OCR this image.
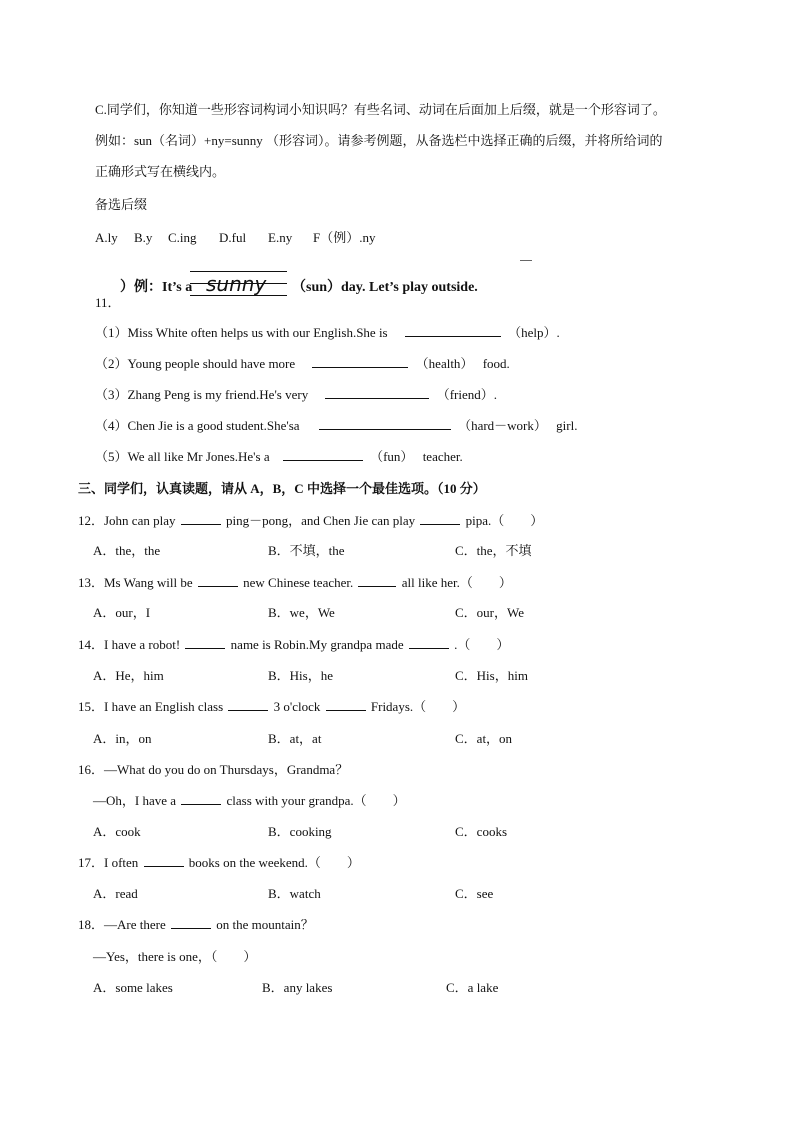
C.同学们，你知道一些形容词构词小知识吗？有些名词、动词在后面加上后缀，就是一个形容词了。
例如：sun（名词）+ny=sunny （形容词）。请参考例题，从备选栏中选择正确的后缀，并将所给词的
正确形式写在横线内。
备选后缀
A.ly B.y C.ing D.ful E.ny F（例）.ny
）例：It’s a sunny （sun）day. Let’s play outside.
11．
（1）Miss White often helps us with our English.She is	（help）.
（2）Young people should have more	（health） food.
（3）Zhang Peng is my friend.He's very	（friend）.
（4）Chen Jie is a good student.She'sa	（hard－work） girl.
（5）We all like Mr Jones.He's a	（fun） teacher.
三、同学们，认真读题，请从 A，B，C 中选择一个最佳选项。（10 分）
12．John can play	ping－pong，and Chen Jie can play	pipa.（　　）
A．the，the	B．不填，the	C．the，不填
13．Ms Wang will be	new Chinese teacher.	all like her.（　　）
A．our，I	B．we，We	C．our，We
14．I have a robot!	name is Robin.My grandpa made	.（　　）
A．He，him	B．His，he	C．His，him
15．I have an English class	3 o'clock	Fridays.（　　）
A．in，on	B．at，at	C．at，on
16．—What do you do on Thursdays，Grandma？
—Oh，I have a	class with your grandpa.（　　）
A．cook	B．cooking	C．cooks
17．I often	books on the weekend.（　　）
A．read	B．watch	C．see
18．—Are there	on the mountain？
—Yes，there is one，（　　）
A．some lakes	B．any lakes	C．a lake
